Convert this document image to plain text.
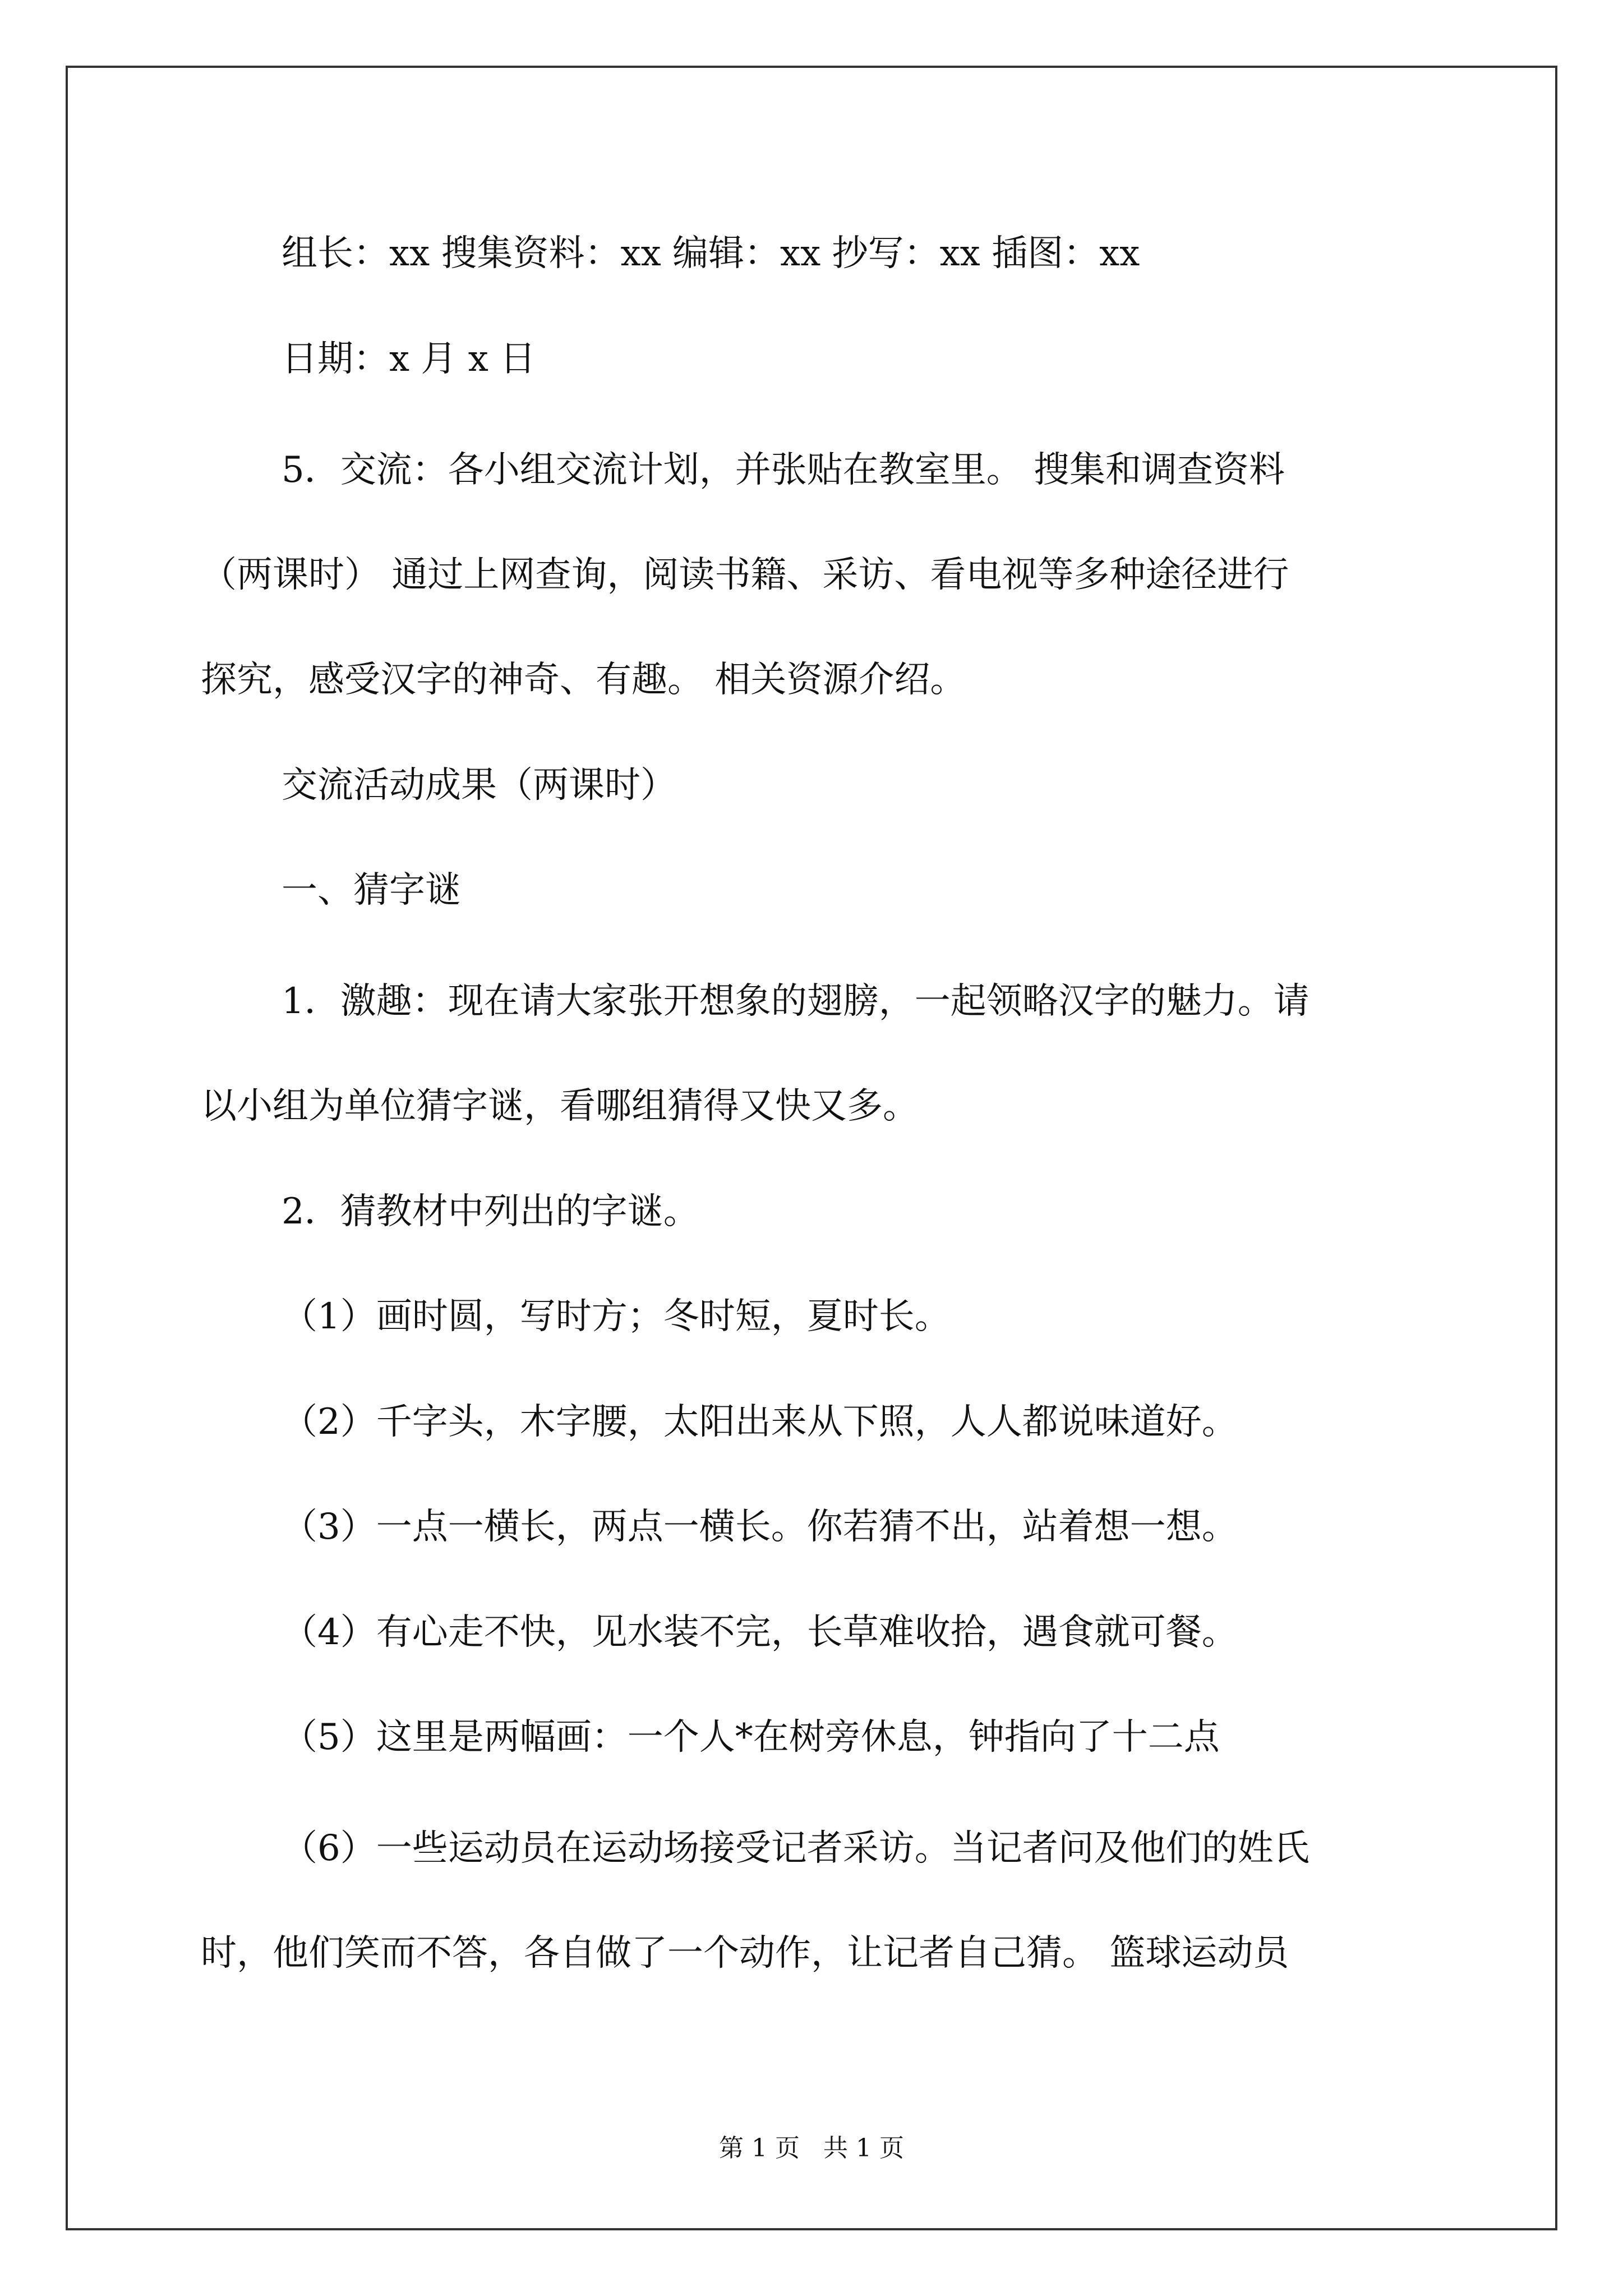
组长：xx 搜集资料：xx 编辑：xx 抄写：xx 插图：xx
日期：x 月 x 日
5．交流：各小组交流计划，并张贴在教室里。 搜集和调查资料
（两课时） 通过上网查询，阅读书籍、采访、看电视等多种途径进行
探究，感受汉字的神奇、有趣。 相关资源介绍。
交流活动成果（两课时）
一、猜字谜
1．激趣：现在请大家张开想象的翅膀，一起领略汉字的魅力。请
以小组为单位猜字谜，看哪组猜得又快又多。
2．猜教材中列出的字谜。
（1）画时圆，写时方；冬时短，夏时长。
（2）千字头，木字腰，太阳出来从下照，人人都说味道好。
（3）一点一横长，两点一横长。你若猜不出，站着想一想。
（4）有心走不快，见水装不完，长草难收拾，遇食就可餐。
（5）这里是两幅画：一个人*在树旁休息，钟指向了十二点
（6）一些运动员在运动场接受记者采访。当记者问及他们的姓氏
时，他们笑而不答，各自做了一个动作，让记者自己猜。 篮球运动员
第 1 页   共 1 页
